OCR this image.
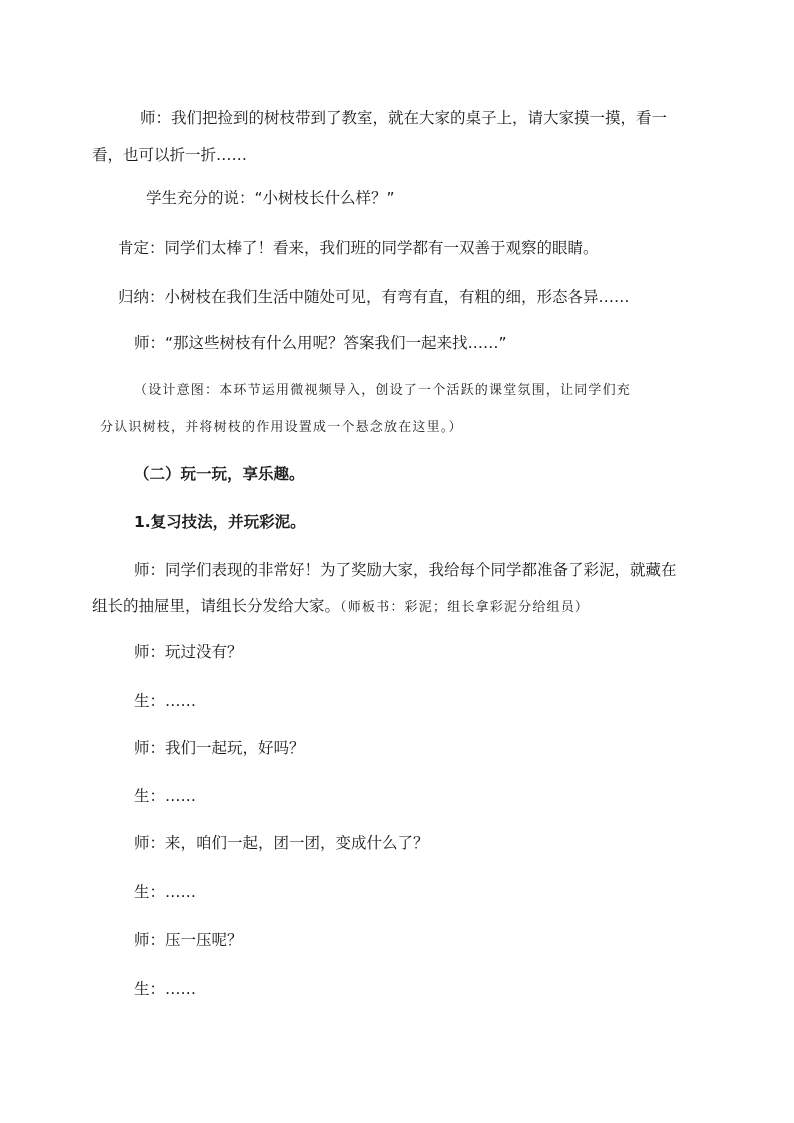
师：我们把捡到的树枝带到了教室，就在大家的桌子上，请大家摸一摸，看一
看，也可以折一折……
学生充分的说：“小树枝长什么样？”
肯定：同学们太棒了！看来，我们班的同学都有一双善于观察的眼睛。
归纳：小树枝在我们生活中随处可见，有弯有直，有粗的细，形态各异……
师：“那这些树枝有什么用呢？答案我们一起来找……”
（设计意图：本环节运用微视频导入，创设了一个活跃的课堂氛围，让同学们充
分认识树枝，并将树枝的作用设置成一个悬念放在这里。）
（二）玩一玩，享乐趣。
1.复习技法，并玩彩泥。
师：同学们表现的非常好！为了奖励大家，我给每个同学都准备了彩泥，就藏在
组长的抽屉里，请组长分发给大家。（师板书：彩泥；组长拿彩泥分给组员）
师：玩过没有？
生：……
师：我们一起玩，好吗？
生：……
师：来，咱们一起，团一团，变成什么了？
生：……
师：压一压呢？
生：……
